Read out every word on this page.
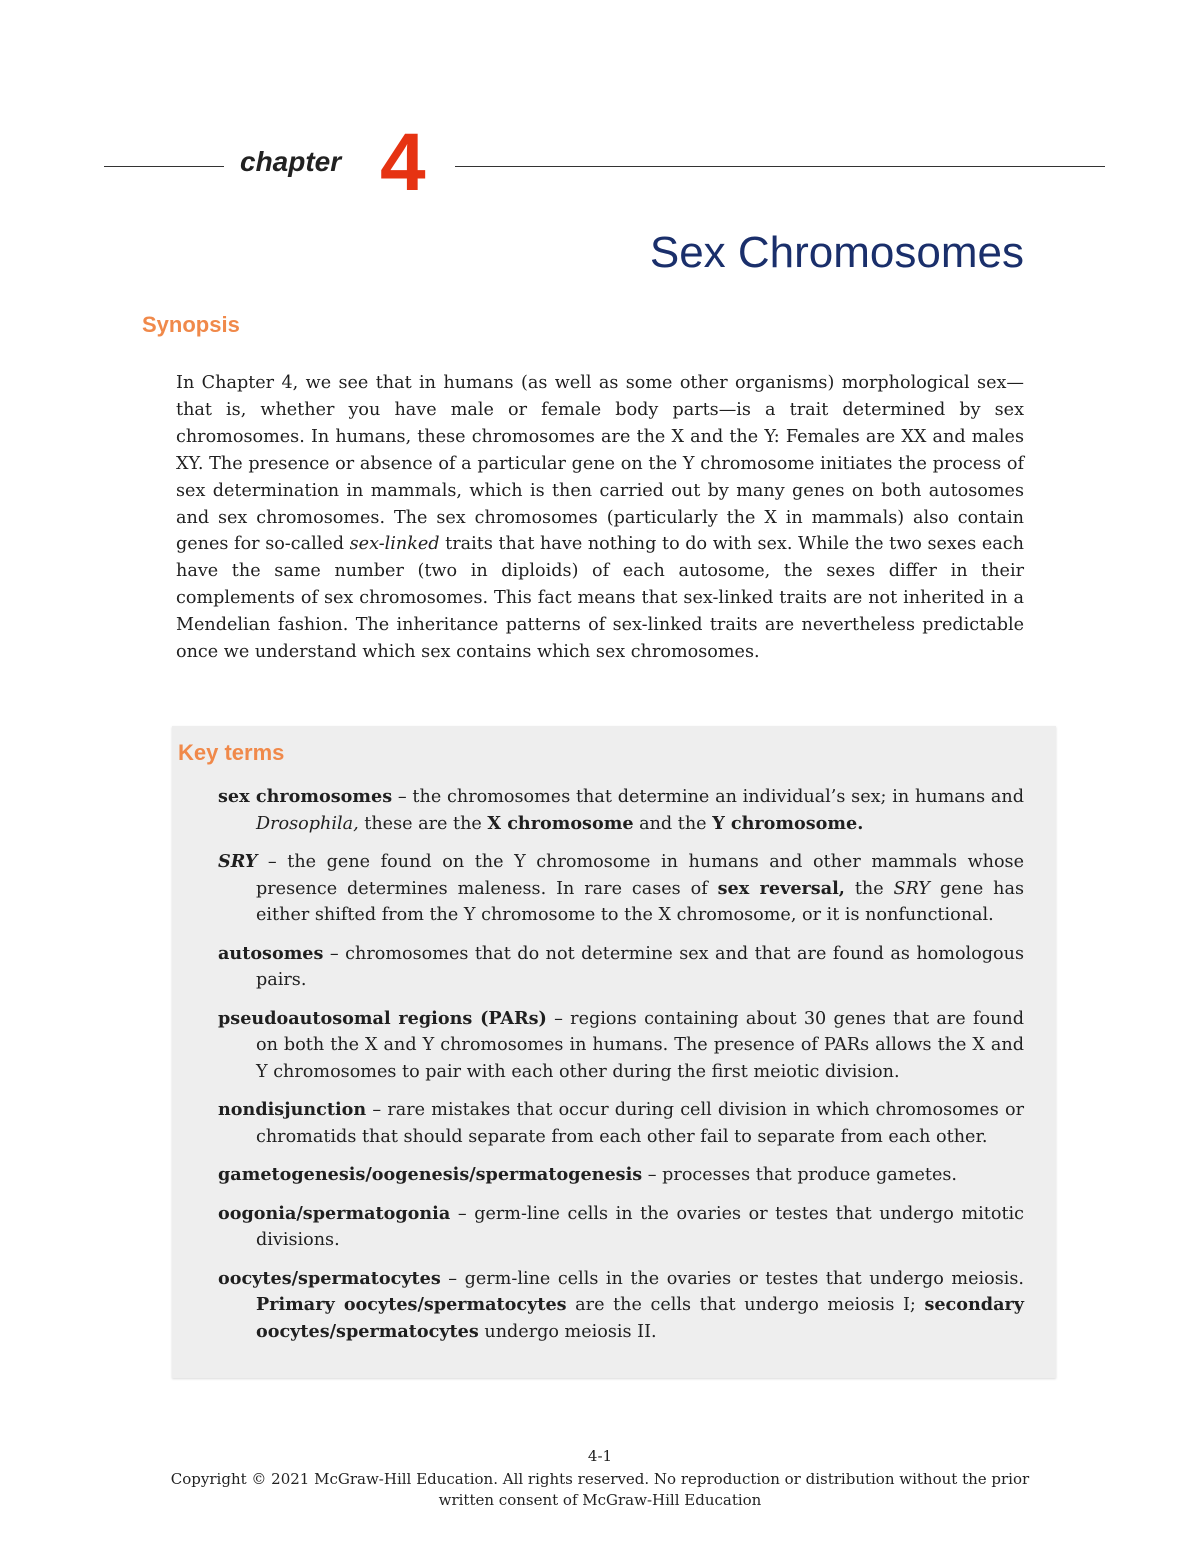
chapter 4
Sex Chromosomes
Synopsis
In Chapter 4, we see that in humans (as well as some other organisms) morphological sex—that is, whether you have male or female body parts—is a trait determined by sex chromosomes. In humans, these chromosomes are the X and the Y: Females are XX and males XY. The presence or absence of a particular gene on the Y chromosome initiates the process of sex determination in mammals, which is then carried out by many genes on both autosomes and sex chromosomes. The sex chromosomes (particularly the X in mammals) also contain genes for so-called sex-linked traits that have nothing to do with sex. While the two sexes each have the same number (two in diploids) of each autosome, the sexes differ in their complements of sex chromosomes. This fact means that sex-linked traits are not inherited in a Mendelian fashion. The inheritance patterns of sex-linked traits are nevertheless predictable once we understand which sex contains which sex chromosomes.
Key terms
sex chromosomes – the chromosomes that determine an individual’s sex; in humans and Drosophila, these are the X chromosome and the Y chromosome.
SRY – the gene found on the Y chromosome in humans and other mammals whose presence determines maleness. In rare cases of sex reversal, the SRY gene has either shifted from the Y chromosome to the X chromosome, or it is nonfunctional.
autosomes – chromosomes that do not determine sex and that are found as homologous pairs.
pseudoautosomal regions (PARs) – regions containing about 30 genes that are found on both the X and Y chromosomes in humans. The presence of PARs allows the X and Y chromosomes to pair with each other during the first meiotic division.
nondisjunction – rare mistakes that occur during cell division in which chromosomes or chromatids that should separate from each other fail to separate from each other.
gametogenesis/oogenesis/spermatogenesis – processes that produce gametes.
oogonia/spermatogonia – germ-line cells in the ovaries or testes that undergo mitotic divisions.
oocytes/spermatocytes – germ-line cells in the ovaries or testes that undergo meiosis. Primary oocytes/spermatocytes are the cells that undergo meiosis I; secondary oocytes/spermatocytes undergo meiosis II.
4-1
Copyright © 2021 McGraw-Hill Education. All rights reserved. No reproduction or distribution without the prior
written consent of McGraw-Hill Education
